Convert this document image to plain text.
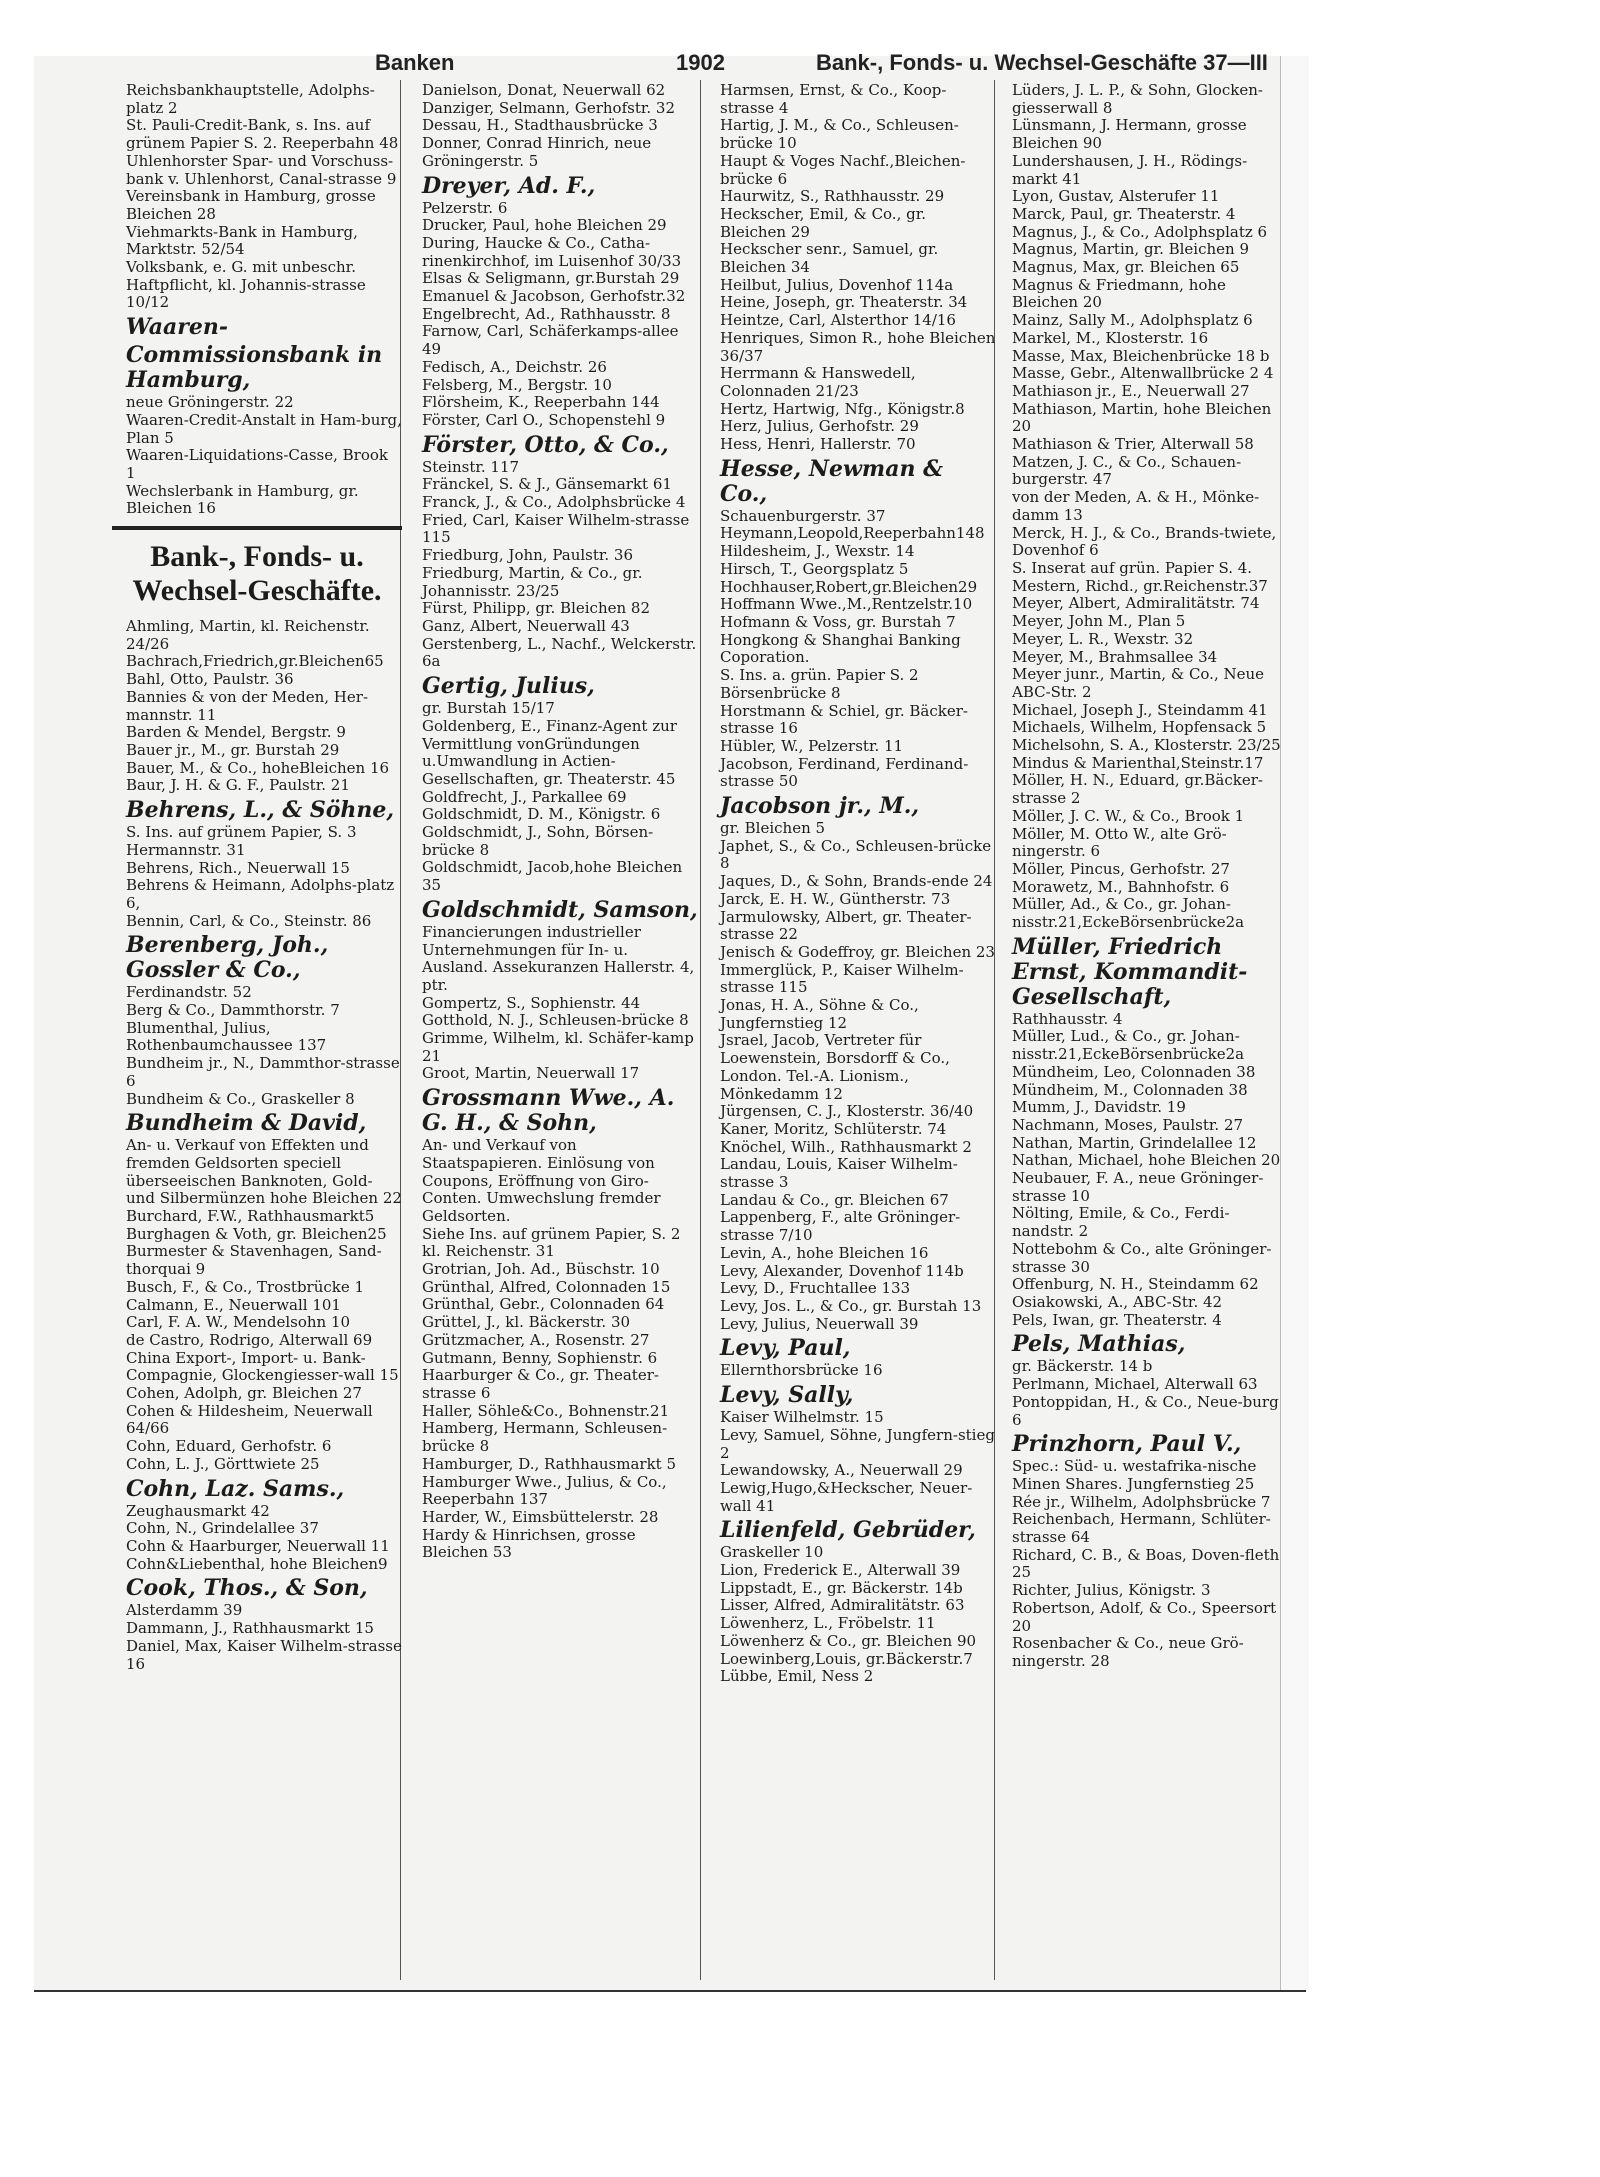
Banken	1902	Bank-, Fonds- u. Wechsel-Geschäfte 37—III
Reichsbankhauptstelle, Adolphs-platz 2
St. Pauli-Credit-Bank, s. Ins. auf grünem Papier S. 2. Reeperbahn 48
Uhlenhorster Spar- und Vorschuss-bank v. Uhlenhorst, Canal-strasse 9
Vereinsbank in Hamburg, grosse Bleichen 28
Viehmarkts-Bank in Hamburg, Marktstr. 52/54
Volksbank, e. G. mit unbeschr. Haftpflicht, kl. Johannis-strasse 10/12
Waaren-
Commissionsbank in Hamburg,
neue Gröningerstr. 22
Waaren-Credit-Anstalt in Ham-burg, Plan 5
Waaren-Liquidations-Casse, Brook 1
Wechslerbank in Hamburg, gr. Bleichen 16
Bank-, Fonds- u. Wechsel-Geschäfte.
Ahmling, Martin, kl. Reichenstr. 24/26
Bachrach,Friedrich,gr.Bleichen65
Bahl, Otto, Paulstr. 36
Bannies & von der Meden, Her-mannstr. 11
Barden & Mendel, Bergstr. 9
Bauer jr., M., gr. Burstah 29
Bauer, M., & Co., hoheBleichen 16
Baur, J. H. & G. F., Paulstr. 21
Behrens, L., & Söhne,
S. Ins. auf grünem Papier, S. 3 Hermannstr. 31
Behrens, Rich., Neuerwall 15
Behrens & Heimann, Adolphs-platz 6,
Bennin, Carl, & Co., Steinstr. 86
Berenberg, Joh., Gossler & Co.,
Ferdinandstr. 52
Berg & Co., Dammthorstr. 7
Blumenthal, Julius, Rothenbaumchaussee 137
Bundheim jr., N., Dammthor-strasse 6
Bundheim & Co., Graskeller 8
Bundheim & David,
An- u. Verkauf von Effekten und fremden Geldsorten speciell überseeischen Banknoten, Gold- und Silbermünzen hohe Bleichen 22
Burchard, F.W., Rathhausmarkt5
Burghagen & Voth, gr. Bleichen25
Burmester & Stavenhagen, Sand-thorquai 9
Busch, F., & Co., Trostbrücke 1
Calmann, E., Neuerwall 101
Carl, F. A. W., Mendelsohn 10
de Castro, Rodrigo, Alterwall 69
China Export-, Import- u. Bank-Compagnie, Glockengiesser-wall 15
Cohen, Adolph, gr. Bleichen 27
Cohen & Hildesheim, Neuerwall 64/66
Cohn, Eduard, Gerhofstr. 6
Cohn, L. J., Görttwiete 25
Cohn, Laz. Sams.,
Zeughausmarkt 42
Cohn, N., Grindelallee 37
Cohn & Haarburger, Neuerwall 11
Cohn&Liebenthal, hohe Bleichen9
Cook, Thos., & Son,
Alsterdamm 39
Dammann, J., Rathhausmarkt 15
Daniel, Max, Kaiser Wilhelm-strasse 16
Danielson, Donat, Neuerwall 62
Danziger, Selmann, Gerhofstr. 32
Dessau, H., Stadthausbrücke 3
Donner, Conrad Hinrich, neue Gröningerstr. 5
Dreyer, Ad. F.,
Pelzerstr. 6
Drucker, Paul, hohe Bleichen 29
During, Haucke & Co., Catha-rinenkirchhof, im Luisenhof 30/33
Elsas & Seligmann, gr.Burstah 29
Emanuel & Jacobson, Gerhofstr.32
Engelbrecht, Ad., Rathhausstr. 8
Farnow, Carl, Schäferkamps-allee 49
Fedisch, A., Deichstr. 26
Felsberg, M., Bergstr. 10
Flörsheim, K., Reeperbahn 144
Förster, Carl O., Schopenstehl 9
Förster, Otto, & Co.,
Steinstr. 117
Fränckel, S. & J., Gänsemarkt 61
Franck, J., & Co., Adolphsbrücke 4
Fried, Carl, Kaiser Wilhelm-strasse 115
Friedburg, John, Paulstr. 36
Friedburg, Martin, & Co., gr. Johannisstr. 23/25
Fürst, Philipp, gr. Bleichen 82
Ganz, Albert, Neuerwall 43
Gerstenberg, L., Nachf., Welckerstr. 6a
Gertig, Julius,
gr. Burstah 15/17
Goldenberg, E., Finanz-Agent zur Vermittlung vonGründungen u.Umwandlung in Actien-Gesellschaften, gr. Theaterstr. 45
Goldfrecht, J., Parkallee 69
Goldschmidt, D. M., Königstr. 6
Goldschmidt, J., Sohn, Börsen-brücke 8
Goldschmidt, Jacob,hohe Bleichen 35
Goldschmidt, Samson,
Financierungen industrieller Unternehmungen für In- u. Ausland. Assekuranzen Hallerstr. 4, ptr.
Gompertz, S., Sophienstr. 44
Gotthold, N. J., Schleusen-brücke 8
Grimme, Wilhelm, kl. Schäfer-kamp 21
Groot, Martin, Neuerwall 17
Grossmann Wwe., A. G. H., & Sohn,
An- und Verkauf von Staatspapieren. Einlösung von Coupons, Eröffnung von Giro-Conten. Umwechslung fremder Geldsorten.
Siehe Ins. auf grünem Papier, S. 2 kl. Reichenstr. 31
Grotrian, Joh. Ad., Büschstr. 10
Grünthal, Alfred, Colonnaden 15
Grünthal, Gebr., Colonnaden 64
Grüttel, J., kl. Bäckerstr. 30
Grützmacher, A., Rosenstr. 27
Gutmann, Benny, Sophienstr. 6
Haarburger & Co., gr. Theater-strasse 6
Haller, Söhle&Co., Bohnenstr.21
Hamberg, Hermann, Schleusen-brücke 8
Hamburger, D., Rathhausmarkt 5
Hamburger Wwe., Julius, & Co., Reeperbahn 137
Harder, W., Eimsbüttelerstr. 28
Hardy & Hinrichsen, grosse Bleichen 53
Harmsen, Ernst, & Co., Koop-strasse 4
Hartig, J. M., & Co., Schleusen-brücke 10
Haupt & Voges Nachf.,Bleichen-brücke 6
Haurwitz, S., Rathhausstr. 29
Heckscher, Emil, & Co., gr. Bleichen 29
Heckscher senr., Samuel, gr. Bleichen 34
Heilbut, Julius, Dovenhof 114a
Heine, Joseph, gr. Theaterstr. 34
Heintze, Carl, Alsterthor 14/16
Henriques, Simon R., hohe Bleichen 36/37
Herrmann & Hanswedell, Colonnaden 21/23
Hertz, Hartwig, Nfg., Königstr.8
Herz, Julius, Gerhofstr. 29
Hess, Henri, Hallerstr. 70
Hesse, Newman & Co.,
Schauenburgerstr. 37
Heymann,Leopold,Reeperbahn148
Hildesheim, J., Wexstr. 14
Hirsch, T., Georgsplatz 5
Hochhauser,Robert,gr.Bleichen29
Hoffmann Wwe.,M.,Rentzelstr.10
Hofmann & Voss, gr. Burstah 7
Hongkong & Shanghai Banking Coporation.
S. Ins. a. grün. Papier S. 2 Börsenbrücke 8
Horstmann & Schiel, gr. Bäcker-strasse 16
Hübler, W., Pelzerstr. 11
Jacobson, Ferdinand, Ferdinand-strasse 50
Jacobson jr., M.,
gr. Bleichen 5
Japhet, S., & Co., Schleusen-brücke 8
Jaques, D., & Sohn, Brands-ende 24
Jarck, E. H. W., Güntherstr. 73
Jarmulowsky, Albert, gr. Theater-strasse 22
Jenisch & Godeffroy, gr. Bleichen 23
Immerglück, P., Kaiser Wilhelm-strasse 115
Jonas, H. A., Söhne & Co., Jungfernstieg 12
Jsrael, Jacob, Vertreter für Loewenstein, Borsdorff & Co., London. Tel.-A. Lionism., Mönkedamm 12
Jürgensen, C. J., Klosterstr. 36/40
Kaner, Moritz, Schlüterstr. 74
Knöchel, Wilh., Rathhausmarkt 2
Landau, Louis, Kaiser Wilhelm-strasse 3
Landau & Co., gr. Bleichen 67
Lappenberg, F., alte Gröninger-strasse 7/10
Levin, A., hohe Bleichen 16
Levy, Alexander, Dovenhof 114b
Levy, D., Fruchtallee 133
Levy, Jos. L., & Co., gr. Burstah 13
Levy, Julius, Neuerwall 39
Levy, Paul,
Ellernthorsbrücke 16
Levy, Sally,
Kaiser Wilhelmstr. 15
Levy, Samuel, Söhne, Jungfern-stieg 2
Lewandowsky, A., Neuerwall 29
Lewig,Hugo,&Heckscher, Neuer-wall 41
Lilienfeld, Gebrüder,
Graskeller 10
Lion, Frederick E., Alterwall 39
Lippstadt, E., gr. Bäckerstr. 14b
Lisser, Alfred, Admiralitätstr. 63
Löwenherz, L., Fröbelstr. 11
Löwenherz & Co., gr. Bleichen 90
Loewinberg,Louis, gr.Bäckerstr.7
Lübbe, Emil, Ness 2
Lüders, J. L. P., & Sohn, Glocken-giesserwall 8
Lünsmann, J. Hermann, grosse Bleichen 90
Lundershausen, J. H., Rödings-markt 41
Lyon, Gustav, Alsterufer 11
Marck, Paul, gr. Theaterstr. 4
Magnus, J., & Co., Adolphsplatz 6
Magnus, Martin, gr. Bleichen 9
Magnus, Max, gr. Bleichen 65
Magnus & Friedmann, hohe Bleichen 20
Mainz, Sally M., Adolphsplatz 6
Markel, M., Klosterstr. 16
Masse, Max, Bleichenbrücke 18 b
Masse, Gebr., Altenwallbrücke 2 4
Mathiason jr., E., Neuerwall 27
Mathiason, Martin, hohe Bleichen 20
Mathiason & Trier, Alterwall 58
Matzen, J. C., & Co., Schauen-burgerstr. 47
von der Meden, A. & H., Mönke-damm 13
Merck, H. J., & Co., Brands-twiete, Dovenhof 6
S. Inserat auf grün. Papier S. 4.
Mestern, Richd., gr.Reichenstr.37
Meyer, Albert, Admiralitätstr. 74
Meyer, John M., Plan 5
Meyer, L. R., Wexstr. 32
Meyer, M., Brahmsallee 34
Meyer junr., Martin, & Co., Neue ABC-Str. 2
Michael, Joseph J., Steindamm 41
Michaels, Wilhelm, Hopfensack 5
Michelsohn, S. A., Klosterstr. 23/25
Mindus & Marienthal,Steinstr.17
Möller, H. N., Eduard, gr.Bäcker-strasse 2
Möller, J. C. W., & Co., Brook 1
Möller, M. Otto W., alte Grö-ningerstr. 6
Möller, Pincus, Gerhofstr. 27
Morawetz, M., Bahnhofstr. 6
Müller, Ad., & Co., gr. Johan-nisstr.21,EckeBörsenbrücke2a
Müller, Friedrich Ernst, Kommandit-Gesellschaft,
Rathhausstr. 4
Müller, Lud., & Co., gr. Johan-nisstr.21,EckeBörsenbrücke2a
Mündheim, Leo, Colonnaden 38
Mündheim, M., Colonnaden 38
Mumm, J., Davidstr. 19
Nachmann, Moses, Paulstr. 27
Nathan, Martin, Grindelallee 12
Nathan, Michael, hohe Bleichen 20
Neubauer, F. A., neue Gröninger-strasse 10
Nölting, Emile, & Co., Ferdi-nandstr. 2
Nottebohm & Co., alte Gröninger-strasse 30
Offenburg, N. H., Steindamm 62
Osiakowski, A., ABC-Str. 42
Pels, Iwan, gr. Theaterstr. 4
Pels, Mathias,
gr. Bäckerstr. 14 b
Perlmann, Michael, Alterwall 63
Pontoppidan, H., & Co., Neue-burg 6
Prinzhorn, Paul V.,
Spec.: Süd- u. westafrika-nische Minen Shares. Jungfernstieg 25
Rée jr., Wilhelm, Adolphsbrücke 7
Reichenbach, Hermann, Schlüter-strasse 64
Richard, C. B., & Boas, Doven-fleth 25
Richter, Julius, Königstr. 3
Robertson, Adolf, & Co., Speersort 20
Rosenbacher & Co., neue Grö-ningerstr. 28
